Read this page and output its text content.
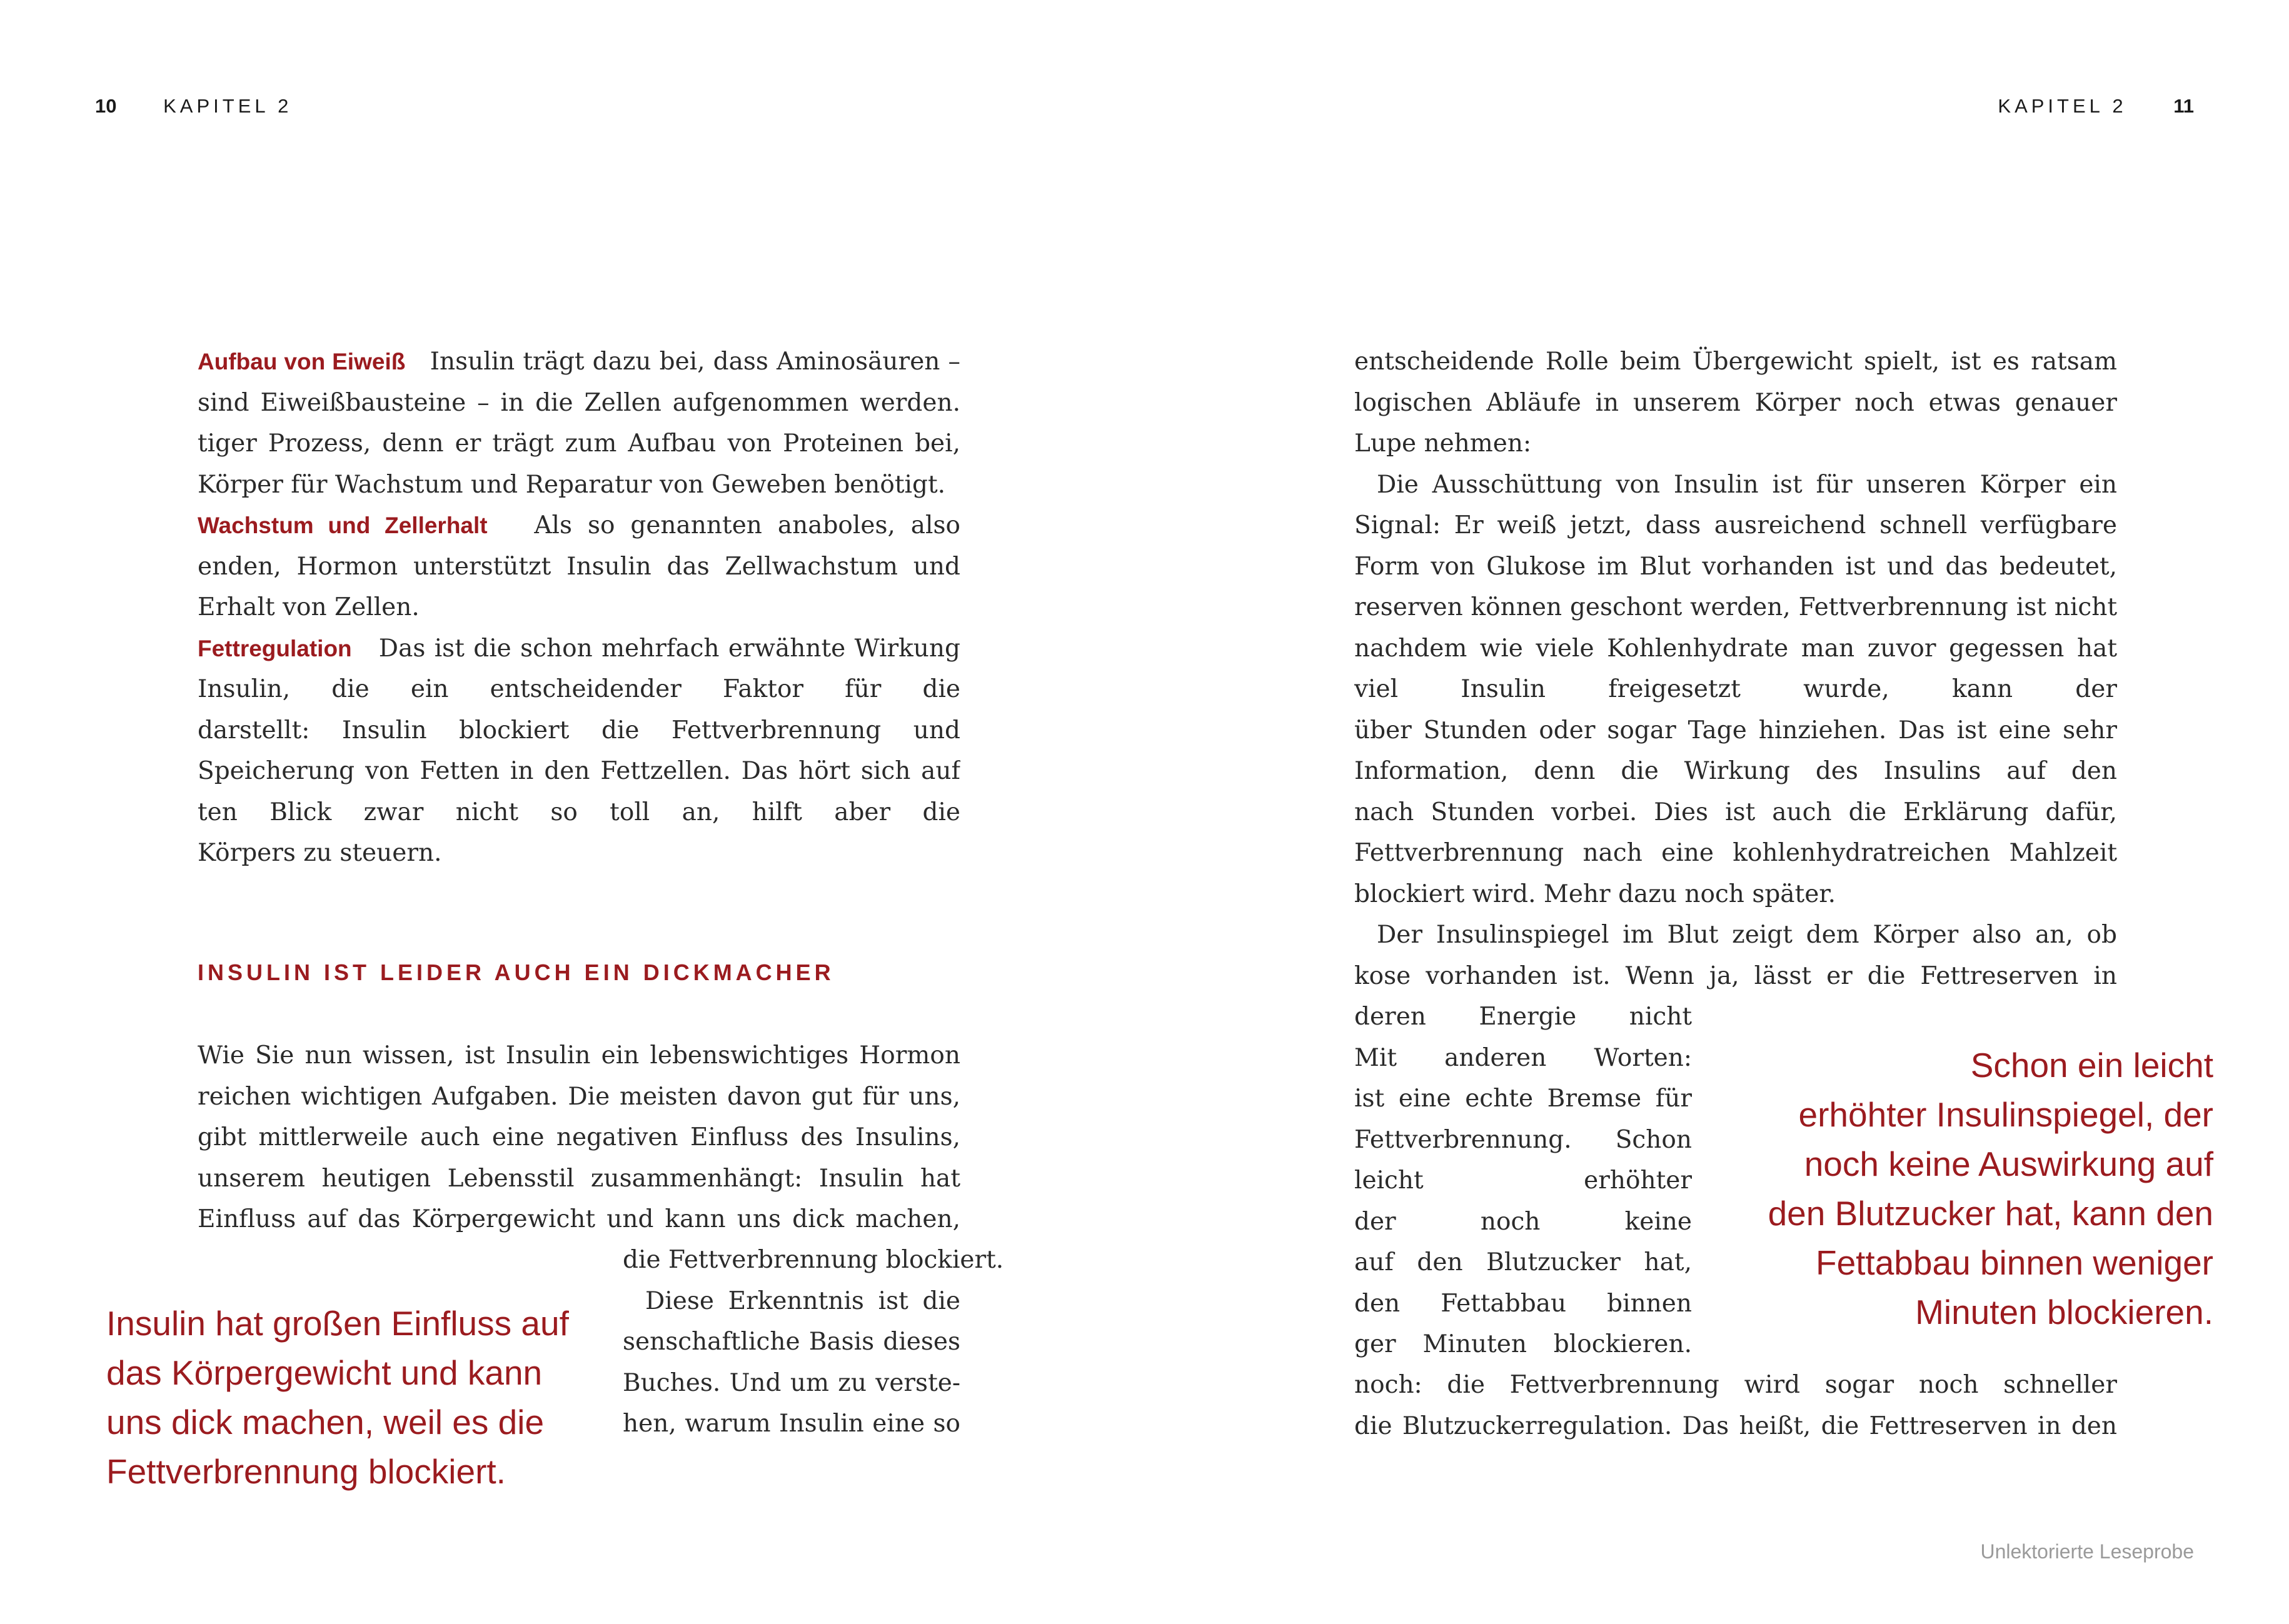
10 KAPITEL 2
Aufbau von Eiweiß Insulin trägt dazu bei, dass Aminosäuren –
sind Eiweißbausteine – in die Zellen aufgenommen werden.
tiger Prozess, denn er trägt zum Aufbau von Proteinen bei,
Körper für Wachstum und Reparatur von Geweben benötigt.
Wachstum und Zellerhalt Als so genannten anaboles, also
enden, Hormon unterstützt Insulin das Zellwachstum und
Erhalt von Zellen.
Fettregulation Das ist die schon mehrfach erwähnte Wirkung
Insulin, die ein entscheidender Faktor für die
darstellt: Insulin blockiert die Fettverbrennung und
Speicherung von Fetten in den Fettzellen. Das hört sich auf
ten Blick zwar nicht so toll an, hilft aber die
Körpers zu steuern.
INSULIN IST LEIDER AUCH EIN DICKMACHER
Wie Sie nun wissen, ist Insulin ein lebenswichtiges Hormon
reichen wichtigen Aufgaben. Die meisten davon gut für uns,
gibt mittlerweile auch eine negativen Einfluss des Insulins,
unserem heutigen Lebensstil zusammenhängt: Insulin hat
Einfluss auf das Körpergewicht und kann uns dick machen,
die Fettverbrennung blockiert.
Diese Erkenntnis ist die
senschaftliche Basis dieses
Buches. Und um zu verste-
hen, warum Insulin eine so
Insulin hat großen Einfluss auf
das Körpergewicht und kann
uns dick machen, weil es die
Fettverbrennung blockiert.
KAPITEL 2 11
entscheidende Rolle beim Übergewicht spielt, ist es ratsam
logischen Abläufe in unserem Körper noch etwas genauer
Lupe nehmen:
Die Ausschüttung von Insulin ist für unseren Körper ein
Signal: Er weiß jetzt, dass ausreichend schnell verfügbare
Form von Glukose im Blut vorhanden ist und das bedeutet,
reserven können geschont werden, Fettverbrennung ist nicht
nachdem wie viele Kohlenhydrate man zuvor gegessen hat
viel Insulin freigesetzt wurde, kann der
über Stunden oder sogar Tage hinziehen. Das ist eine sehr
Information, denn die Wirkung des Insulins auf den
nach Stunden vorbei. Dies ist auch die Erklärung dafür,
Fettverbrennung nach eine kohlenhydratreichen Mahlzeit
blockiert wird. Mehr dazu noch später.
Der Insulinspiegel im Blut zeigt dem Körper also an, ob
kose vorhanden ist. Wenn ja, lässt er die Fettreserven in
deren Energie nicht
Mit anderen Worten:
ist eine echte Bremse für
Fettverbrennung. Schon
leicht erhöhter
der noch keine
auf den Blutzucker hat,
den Fettabbau binnen
ger Minuten blockieren.
noch: die Fettverbrennung wird sogar noch schneller
die Blutzuckerregulation. Das heißt, die Fettreserven in den
Schon ein leicht
erhöhter Insulinspiegel, der
noch keine Auswirkung auf
den Blutzucker hat, kann den
Fettabbau binnen weniger
Minuten blockieren.
Unlektorierte Leseprobe
